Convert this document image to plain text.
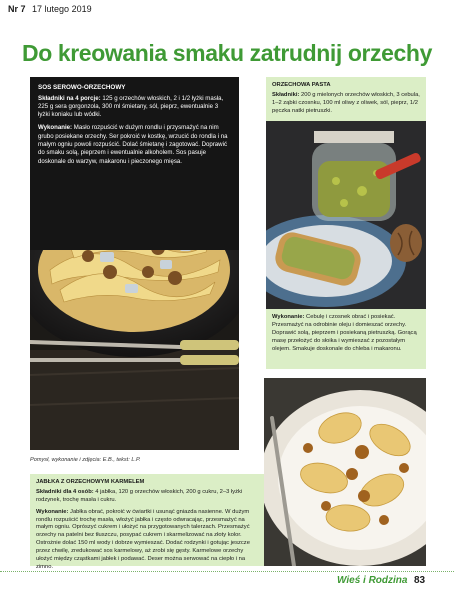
Nr 7 17 lutego 2019
Do kreowania smaku zatrudnij orzechy
SOS SEROWO-ORZECHOWY

Składniki na 4 porcje: 125 g orzechów włoskich, 2 i 1/2 łyżki masła, 225 g sera gorgonzola, 300 ml śmietany, sól, pieprz, ewentualnie 3 łyżki koniaku lub wódki.

Wykonanie: Masło rozpuścić w dużym rondlu i przysmażyć na nim grubo posiekane orzechy. Ser pokroić w kostkę, wrzucić do rondla i na małym ogniu powoli rozpuścić. Dolać śmietanę i zagotować. Doprawić do smaku solą, pieprzem i ewentualnie alkoholem. Sos pasuje doskonale do warzyw, makaronu i pieczonego mięsa.

Pomysł, wykonanie i zdjęcia: E.B., tekst: L.P.
ORZECHOWA PASTA
Składniki: 200 g mielonych orzechów włoskich, 3 cebula, 1–2 ząbki czosnku, 100 ml oliwy z oliwek, sól, pieprz, 1/2 pęczka natki pietruszki.
Wykonanie: Cebulę i czosnek obrać i posiekać. Przesmażyć na odrobinie oleju i domieszać orzechy. Doprawić solą, pieprzem i posiekaną pietruszką. Gorącą masę przełożyć do słoika i wymieszać z pozostałym olejem. Smakuje doskonale do chleba i makaronu.
JABŁKA Z ORZECHOWYM KARMELEM

Składniki dla 4 osób: 4 jabłka, 120 g orzechów włoskich, 200 g cukru, 2–3 łyżki rodzynek, trochę masła i cukru.

Wykonanie: Jabłka obrać, pokroić w ćwiartki i usunąć gniazda nasienne. W dużym rondlu rozpuścić trochę masła, włożyć jabłka i często odwracając, przesmażyć na małym ogniu. Oprószyć cukrem i ułożyć na przygotowanych talerzach. Przesmażyć orzechy na patelni bez tłuszczu, posypać cukrem i skarmelizować na złoty kolor. Ostrożnie dolać 150 ml wody i dobrze wymieszać. Dodać rodzynki i gotując jeszcze przez chwilę, zredukować sos karmelowy, aż zrobi się gęsty. Karmelowe orzechy ułożyć między cząstkami jabłek i podawać. Deser można serwować na ciepło i na zimno.

Wieś i Rodzina 83
